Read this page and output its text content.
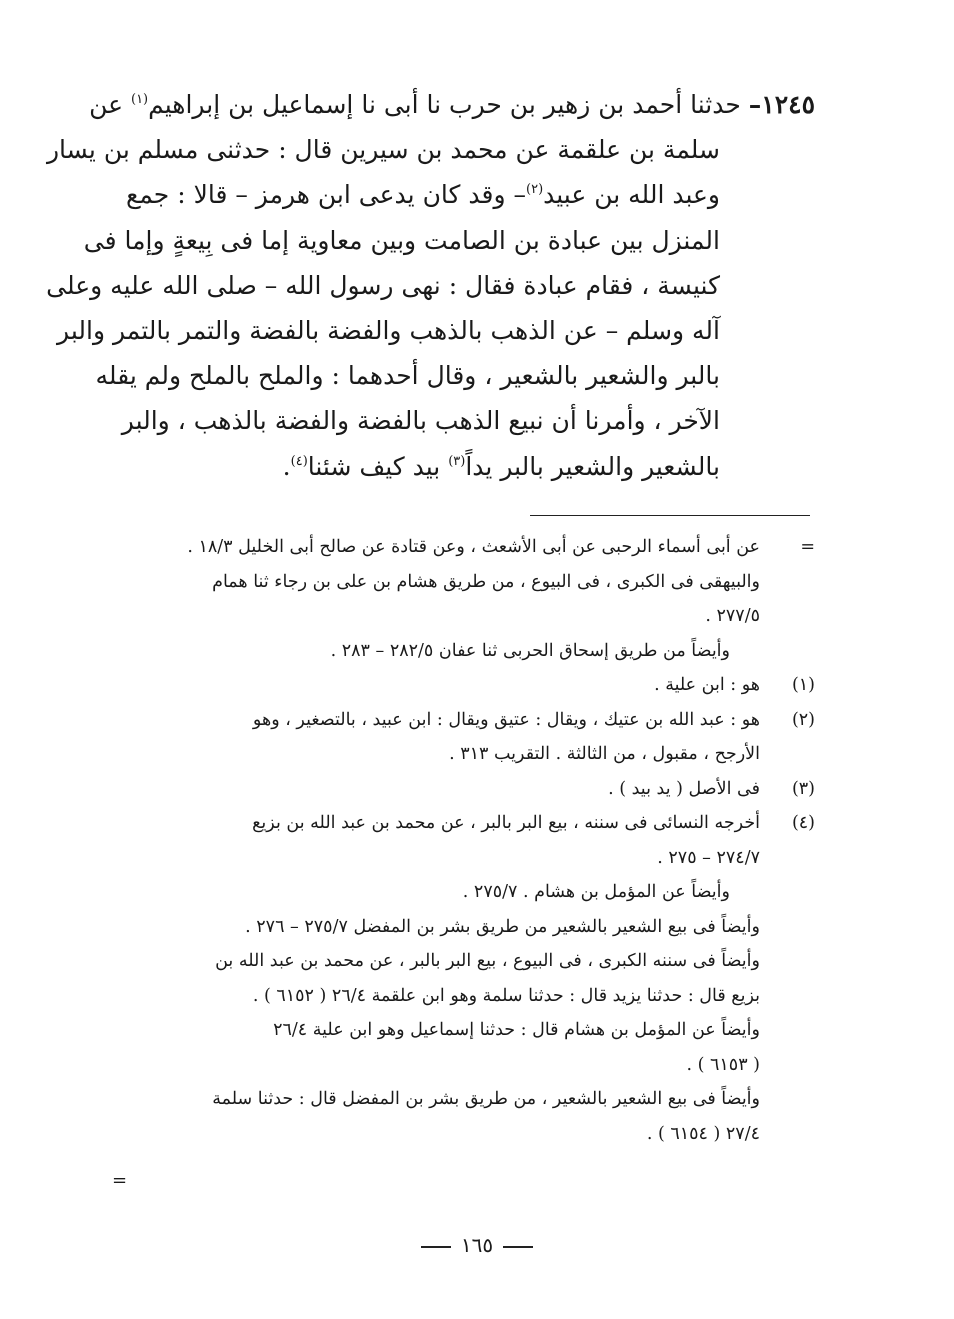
١٢٤٥– حدثنا أحمد بن زهير بن حرب نا أبى نا إسماعيل بن إبراهيم$^{(١)}$ عن
سلمة بن علقمة عن محمد بن سيرين قال : حدثنى مسلم بن يسار
وعبد الله بن عبيد$^{(٢)}$– وقد كان يدعى ابن هرمز – قالا : جمع
المنزل بين عبادة بن الصامت وبين معاوية إما فى بِيعةٍ وإما فى
كنيسة ، فقام عبادة فقال : نهى رسول الله – صلى الله عليه وعلى
آله وسلم – عن الذهب بالذهب والفضة بالفضة والتمر بالتمر والبر
بالبر والشعير بالشعير ، وقال أحدهما : والملح بالملح ولم يقله
الآخر ، وأمرنا أن نبيع الذهب بالفضة والفضة بالذهب ، والبر
بالشعير والشعير بالبر يداً$^{(٣)}$ بيد كيف شئنا$^{(٤)}$.
=عن أبى أسماء الرحبى عن أبى الأشعث ، وعن قتادة عن صالح أبى الخليل ١٨/٣ .
والبيهقى فى الكبرى ، فى البيوع ، من طريق هشام بن على بن رجاء ثنا همام
٢٧٧/٥ .
وأيضاً من طريق إسحاق الحربى ثنا عفان ٢٨٢/٥ – ٢٨٣ .
(١)هو : ابن علية .
(٢)هو : عبد الله بن عتيك ، ويقال : عتيق ويقال : ابن عبيد ، بالتصغير ، وهو
الأرجح ، مقبول ، من الثالثة . التقريب ٣١٣ .
(٣)فى الأصل ( يد بيد ) .
(٤)أخرجه النسائى فى سننه ، بيع البر بالبر ، عن محمد بن عبد الله بن بزيع
٢٧٤/٧ – ٢٧٥ .
وأيضاً عن المؤمل بن هشام . ٢٧٥/٧ .
وأيضاً فى بيع الشعير بالشعير من طريق بشر بن المفضل ٢٧٥/٧ – ٢٧٦ .
وأيضاً فى سننه الكبرى ، فى البيوع ، بيع البر بالبر ، عن محمد بن عبد الله بن
بزيع قال : حدثنا يزيد قال : حدثنا سلمة وهو ابن علقمة ٢٦/٤ ( ٦١٥٢ ) .
وأيضاً عن المؤمل بن هشام قال : حدثنا إسماعيل وهو ابن علية ٢٦/٤
( ٦١٥٣ ) .
وأيضاً فى بيع الشعير بالشعير ، من طريق بشر بن المفضل قال : حدثنا سلمة
٢٧/٤ ( ٦١٥٤ ) .
=
١٦٥
